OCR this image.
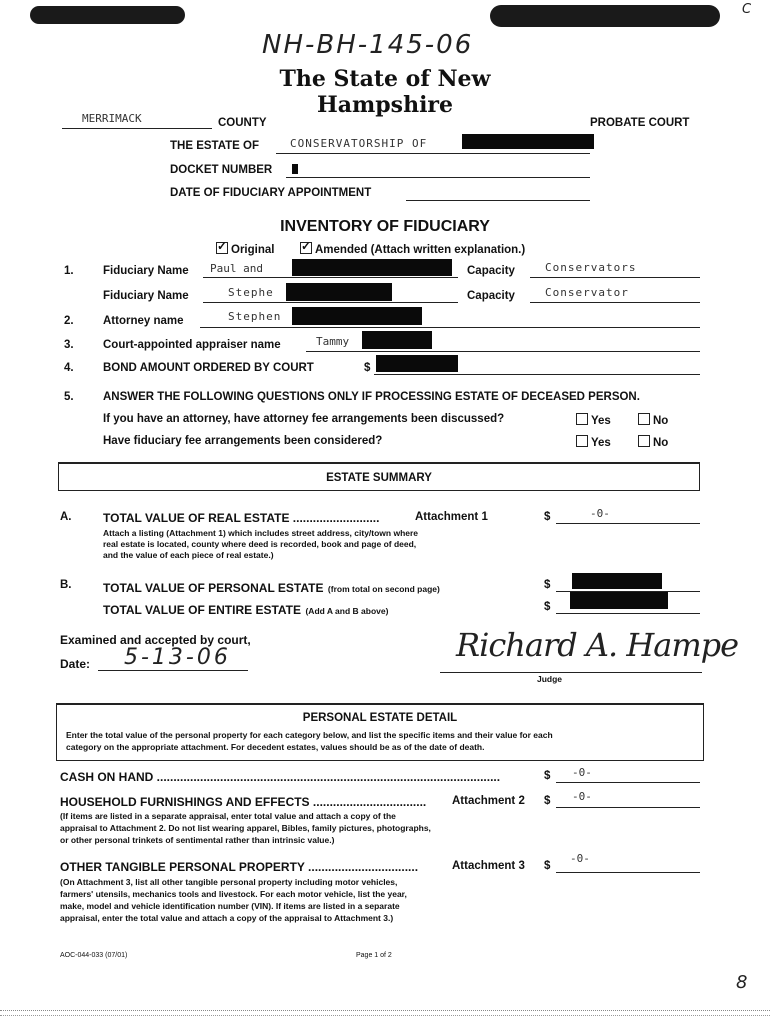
C
NH-BH-145-06
The State of New Hampshire
MERRIMACK	COUNTY	PROBATE COURT
THE ESTATE OF	CONSERVATORSHIP OF
DOCKET NUMBER
DATE OF FIDUCIARY APPOINTMENT
INVENTORY OF FIDUCIARY
✓Original
✓	Amended (Attach written explanation.)
1.	Fiduciary Name Paul and	Capacity	Conservators
Fiduciary Name	Stephe	Capacity	Conservator
2.	Attorney name	Stephen
3.	Court-appointed appraiser name	Tammy
4.	BOND AMOUNT ORDERED BY COURT	$
5.	ANSWER THE FOLLOWING QUESTIONS ONLY IF PROCESSING ESTATE OF DECEASED PERSON.
If you have an attorney, have attorney fee arrangements been discussed?	Yes	No
Have fiduciary fee arrangements been considered?	Yes	No
ESTATE SUMMARY
A.	TOTAL VALUE OF REAL ESTATE ..........................	Attachment 1	$	-0-
Attach a listing (Attachment 1) which includes street address, city/town where
real estate is located, county where deed is recorded, book and page of deed,
and the value of each piece of real estate.)
B.	TOTAL VALUE OF PERSONAL ESTATE (from total on second page)	$
TOTAL VALUE OF ENTIRE ESTATE (Add A and B above)	$
Examined and accepted by court,
Date: 5-13-06	Richard A. Hampe
Judge
PERSONAL ESTATE DETAIL
Enter the total value of the personal property for each category below, and list the specific items and their value for each
category on the appropriate attachment. For decedent estates, values should be as of the date of death.
CASH ON HAND .......................................................................................................	$ -0-
HOUSEHOLD FURNISHINGS AND EFFECTS ..................................	Attachment 2 $ -0-
(If items are listed in a separate appraisal, enter total value and attach a copy of the
appraisal to Attachment 2. Do not list wearing apparel, Bibles, family pictures, photographs,
or other personal trinkets of sentimental rather than intrinsic value.)
OTHER TANGIBLE PERSONAL PROPERTY .................................	Attachment 3 $
-0-
(On Attachment 3, list all other tangible personal property including motor vehicles,
farmers' utensils, mechanics tools and livestock. For each motor vehicle, list the year,
make, model and vehicle identification number (VIN). If items are listed in a separate
appraisal, enter the total value and attach a copy of the appraisal to Attachment 3.)
AOC-044-033 (07/01)	Page 1 of 2
8
